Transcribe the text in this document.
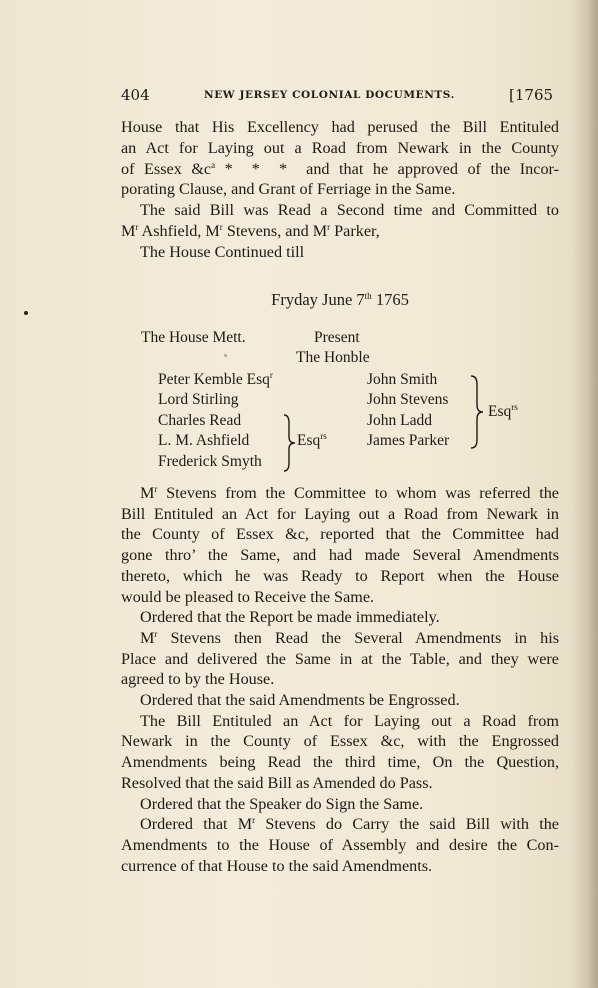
404	NEW JERSEY COLONIAL DOCUMENTS.	[1765

House that His Excellency had perused the Bill Entituled

an Act for Laying out a Road from Newark in the County

of Essex $\&c^a$ *  *  *  and that he approved of the Incor-

porating Clause, and Grant of Ferriage in the Same.

The said Bill was Read a Second time and Committed to

$M^r$ Ashfield, $M^r$ Stevens, and $M^r$ Parker,

The House Continued till

Fryday June 7th 1765
The House Mett.	Present
The Honble
Peter Kemble Esq$^r$
Lord Stirling
Charles Read
L. M. Ashfield
Frederick Smyth
John Smith
John Stevens
John Ladd
James Parker
Esq$^{rs}$
Esq$^{rs}$

$M^r$ Stevens from the Committee to whom was referred the

Bill Entituled an Act for Laying out a Road from Newark in

the County of Essex &c, reported that the Committee had

gone thro’ the Same, and had made Several Amendments

thereto, which he was Ready to Report when the House

would be pleased to Receive the Same.

Ordered that the Report be made immediately.

$M^r$ Stevens then Read the Several Amendments in his

Place and delivered the Same in at the Table, and they were

agreed to by the House.

Ordered that the said Amendments be Engrossed.

The Bill Entituled an Act for Laying out a Road from

Newark in the County of Essex &c, with the Engrossed

Amendments being Read the third time, On the Question,

Resolved that the said Bill as Amended do Pass.

Ordered that the Speaker do Sign the Same.

Ordered that $M^r$ Stevens do Carry the said Bill with the

Amendments to the House of Assembly and desire the Con-

currence of that House to the said Amendments.
